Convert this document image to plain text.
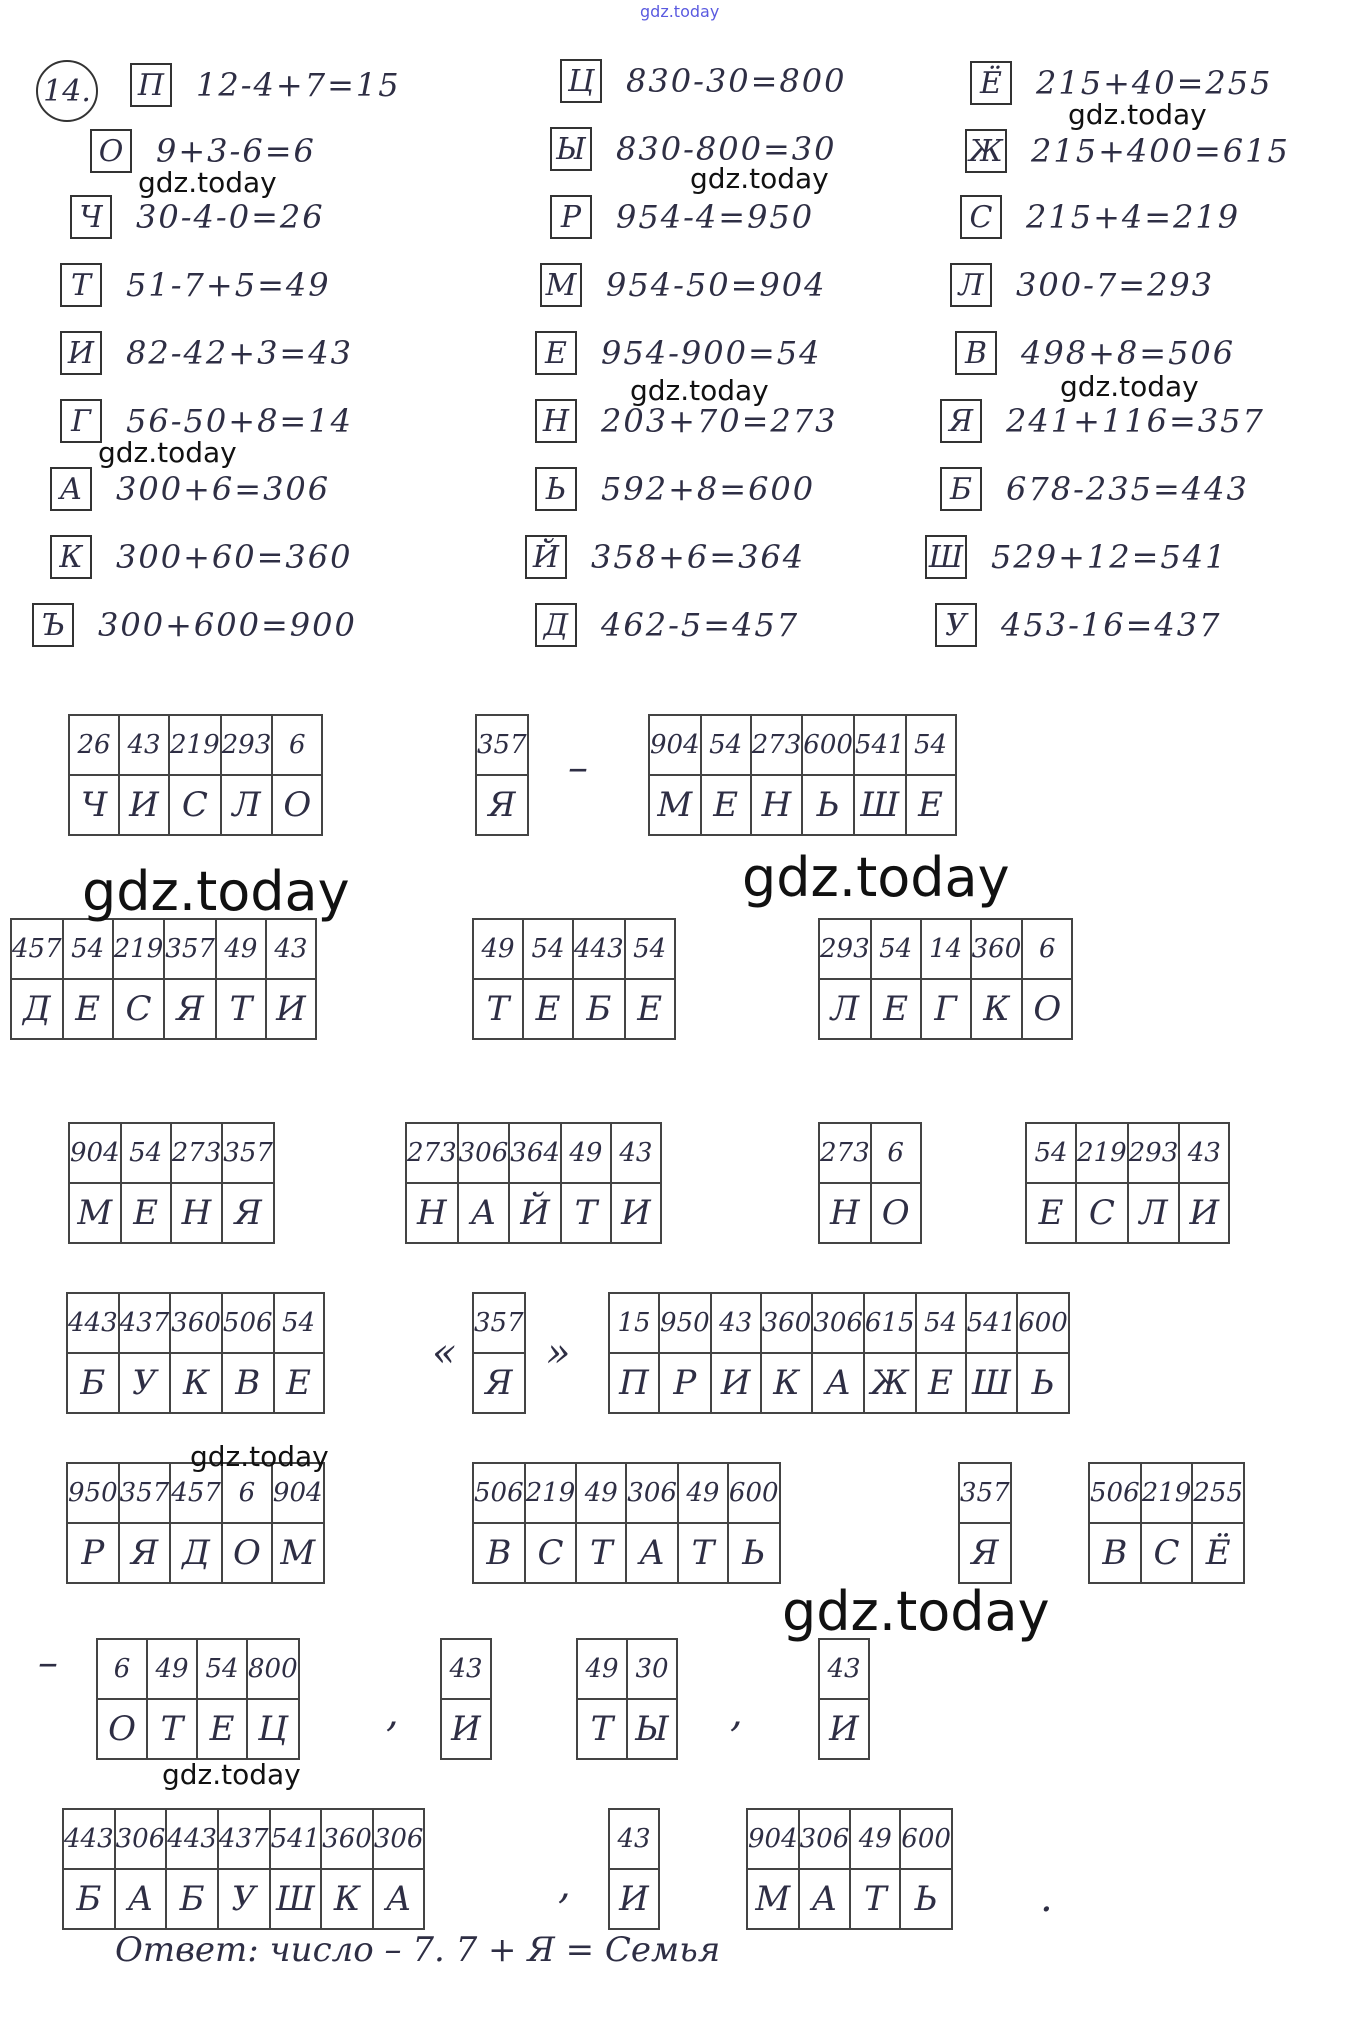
gdz.today
14. П 12-4+7=15
О 9+3-6=6
Ч 30-4-0=26
Т	51-7+5=49
И 82-42+3=43
Г	56-50+8=14
А	300+6=306
К 300+60=360
Ъ 300+600=900
Ц 830-30=800
Ы 830-800=30
Р	954-4=950
М 954-50=904
Е	954-900=54
Н 203+70=273
Ь	592+8=600
Й 358+6=364
Д 462-5=457
Ё	215+40=255
Ж 215+400=615
С 215+4=219
Л 300-7=293
В	498+8=506
Я 241+116=357
Б	678-235=443
Ш 529+12=541
У	453-16=437
26	43	219	293	6
Ч	И	С	Л	О
357
Я
– 904	54	273	600	541	54
М	Е	Н	Ь	Ш	Е
457	54	219	357	49	43
Д	Е	С	Я	Т	И
49	54	443	54
Т	Е	Б	Е
293	54	14	360	6
Л	Е	Г	К	О
904	54	273	357
М	Е	Н	Я
273	306	364	49	43
Н	А	Й	Т	И
273	6
Н	О
54	219	293	43
Е	С	Л	И
443	437	360	506	54
Б	У	К	В	Е
«
357
Я
»
15	950	43	360	306	615	54	541	600
П	Р	И	К	А	Ж	Е	Ш	Ь
950	357	457	6	904
Р	Я	Д	О	М
506	219	49	306	49	600
В	С	Т	А	Т	Ь
357
Я
506	219	255
В	С	Ё
– 6	49	54	800
О	Т	Е	Ц ,
43
И
49	30
Т	Ы ,
43
И
443	306	443	437	541	360	306
Б	А	Б	У	Ш	К	А	,
43
И
904	306	49	600
М	А	Т	Ь	.
Ответ: число – 7. 7 + Я = Семья
gdz.today
gdz.today	gdz.today
gdz.today	gdz.today
gdz.today
gdz.today	gdz.today
gdz.today
gdz.today
gdz.today
